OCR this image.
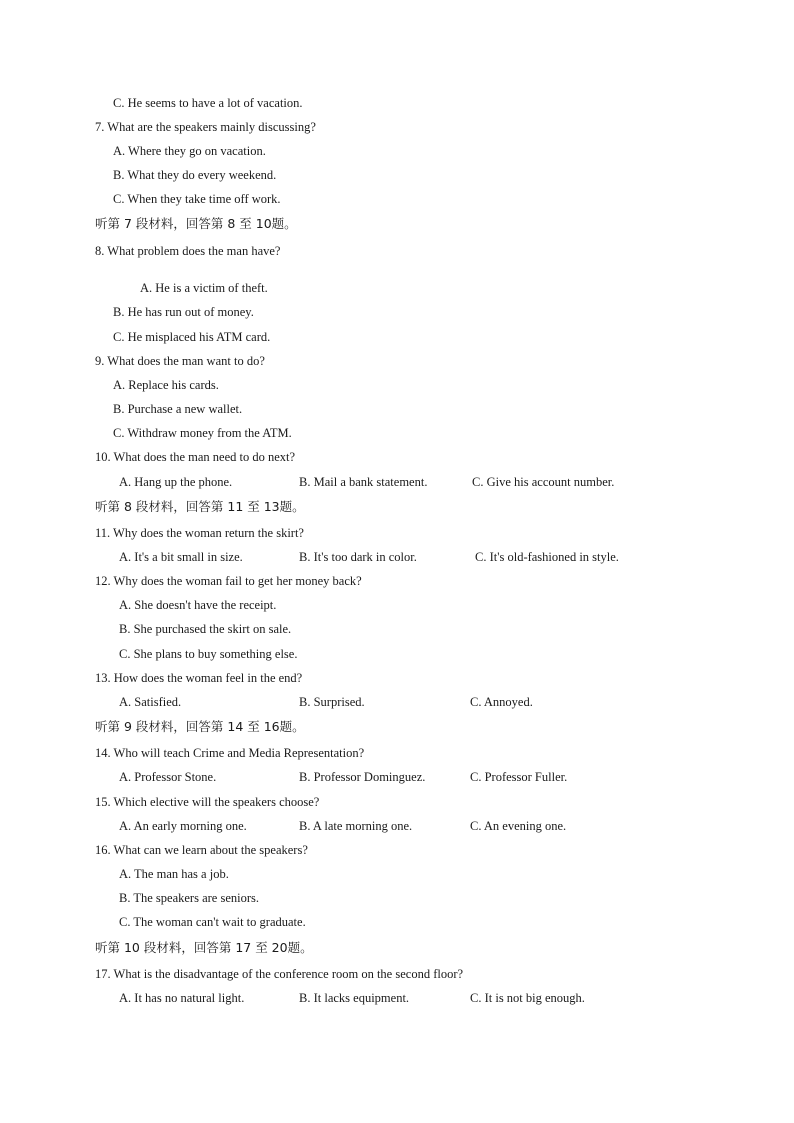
C. He seems to have a lot of vacation.
7. What are the speakers mainly discussing?
A. Where they go on vacation.
B. What they do every weekend.
C. When they take time off work.
听第 7 段材料，回答第 8 至 10题。
8. What problem does the man have?
A. He is a victim of theft.
B. He has run out of money.
C. He misplaced his ATM card.
9. What does the man want to do?
A. Replace his cards.
B. Purchase a new wallet.
C. Withdraw money from the ATM.
10. What does the man need to do next?
A. Hang up the phone.	B. Mail a bank statement.	C. Give his account number.
听第 8 段材料，回答第 11 至 13题。
11. Why does the woman return the skirt?
A. It's a bit small in size.	B. It's too dark in color.	C. It's old-fashioned in style.
12. Why does the woman fail to get her money back?
A. She doesn't have the receipt.
B. She purchased the skirt on sale.
C. She plans to buy something else.
13. How does the woman feel in the end?
A. Satisfied.	B. Surprised.	C. Annoyed.
听第 9 段材料，回答第 14 至 16题。
14. Who will teach Crime and Media Representation?
A. Professor Stone.	B. Professor Dominguez.	C. Professor Fuller.
15. Which elective will the speakers choose?
A. An early morning one.	B. A late morning one.	C. An evening one.
16. What can we learn about the speakers?
A. The man has a job.
B. The speakers are seniors.
C. The woman can't wait to graduate.
听第 10 段材料，回答第 17 至 20题。
17. What is the disadvantage of the conference room on the second floor?
A. It has no natural light.	B. It lacks equipment.	C. It is not big enough.
